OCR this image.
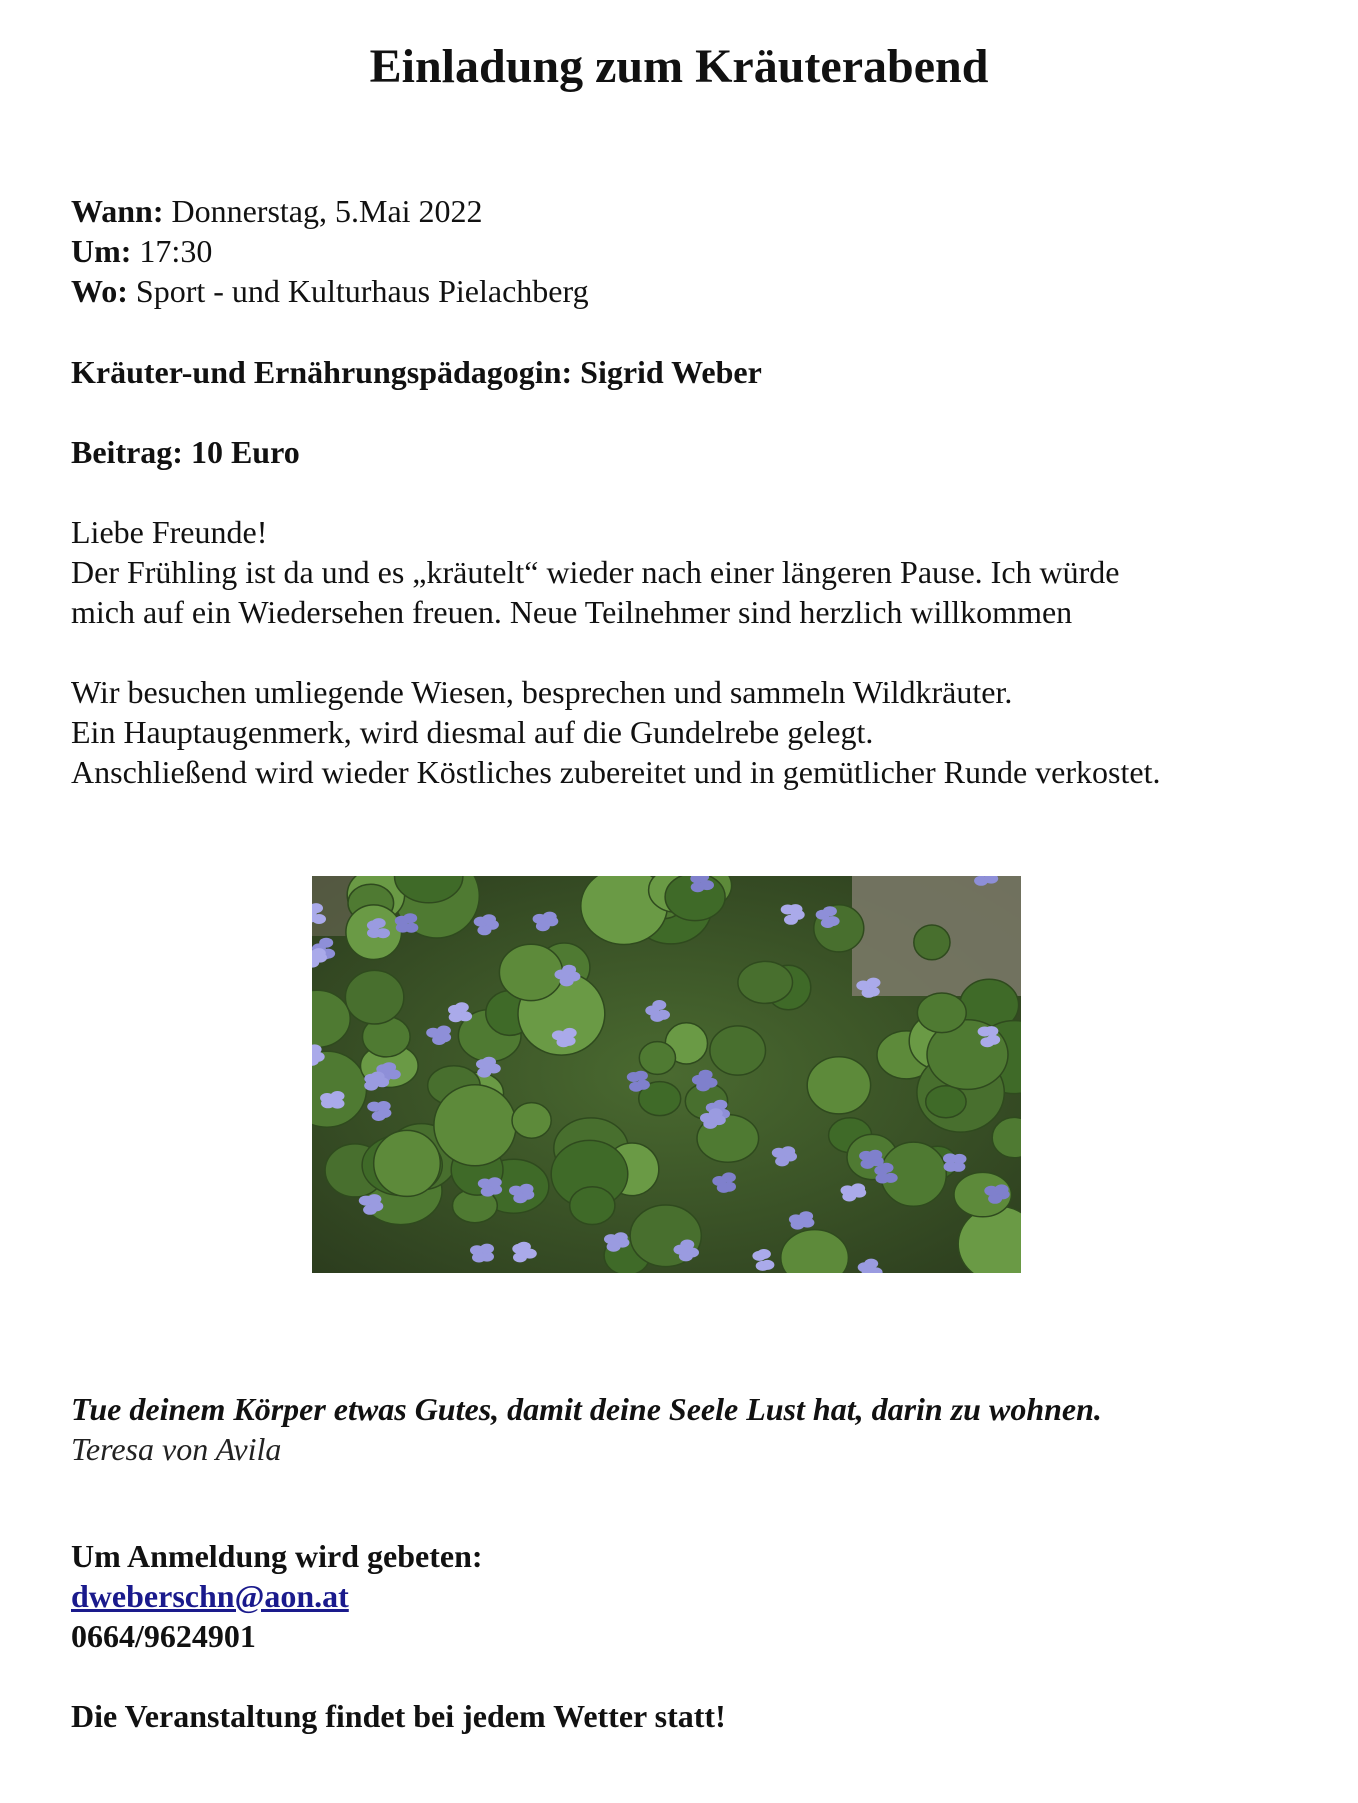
Einladung zum Kräuterabend

Wann: Donnerstag, 5.Mai 2022

Um: 17:30

Wo: Sport - und Kulturhaus Pielachberg

Kräuter-und Ernährungspädagogin: Sigrid Weber
Beitrag: 10 Euro

Liebe Freunde!

Der Frühling ist da und es „kräutelt“ wieder nach einer längeren Pause. Ich würde

mich auf ein Wiedersehen freuen. Neue Teilnehmer sind herzlich willkommen

Wir besuchen umliegende Wiesen, besprechen und sammeln Wildkräuter.

Ein Hauptaugenmerk, wird diesmal auf die Gundelrebe gelegt.

Anschließend wird wieder Köstliches zubereitet und in gemütlicher Runde verkostet.

Tue deinem Körper etwas Gutes, damit deine Seele Lust hat, darin zu wohnen.

Teresa von Avila

Um Anmeldung wird gebeten:

dweberschn@aon.at

0664/9624901

Die Veranstaltung findet bei jedem Wetter statt!
